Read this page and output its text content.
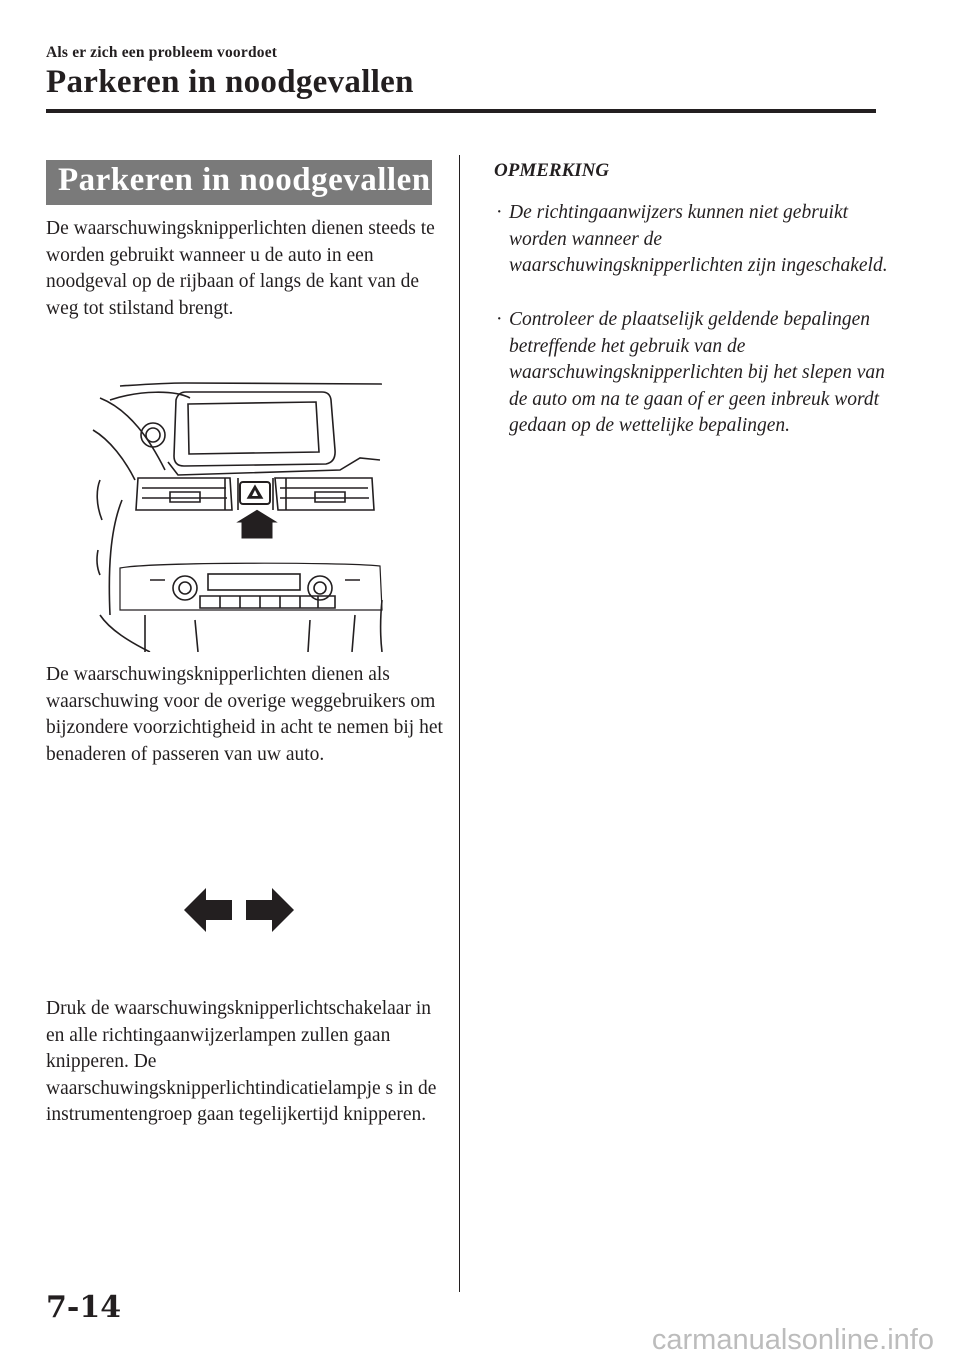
Als er zich een probleem voordoet
Parkeren in noodgevallen
Parkeren in noodgevallen
De waarschuwingsknipperlichten dienen steeds te worden gebruikt wanneer u de auto in een noodgeval op de rijbaan of langs de kant van de weg tot stilstand brengt.
De waarschuwingsknipperlichten dienen als waarschuwing voor de overige weggebruikers om bijzondere voorzichtigheid in acht te nemen bij het benaderen of passeren van uw auto.
Druk de waarschuwingsknipperlichtschakelaar in en alle richtingaanwijzerlampen zullen gaan knipperen. De waarschuwingsknipperlichtindicatielampje s in de instrumentengroep gaan tegelijkertijd knipperen.
OPMERKING
· De richtingaanwijzers kunnen niet gebruikt worden wanneer de waarschuwingsknipperlichten zijn ingeschakeld.
· Controleer de plaatselijk geldende bepalingen betreffende het gebruik van de waarschuwingsknipperlichten bij het slepen van de auto om na te gaan of er geen inbreuk wordt gedaan op de wettelijke bepalingen.
7-14
carmanualsonline.info
